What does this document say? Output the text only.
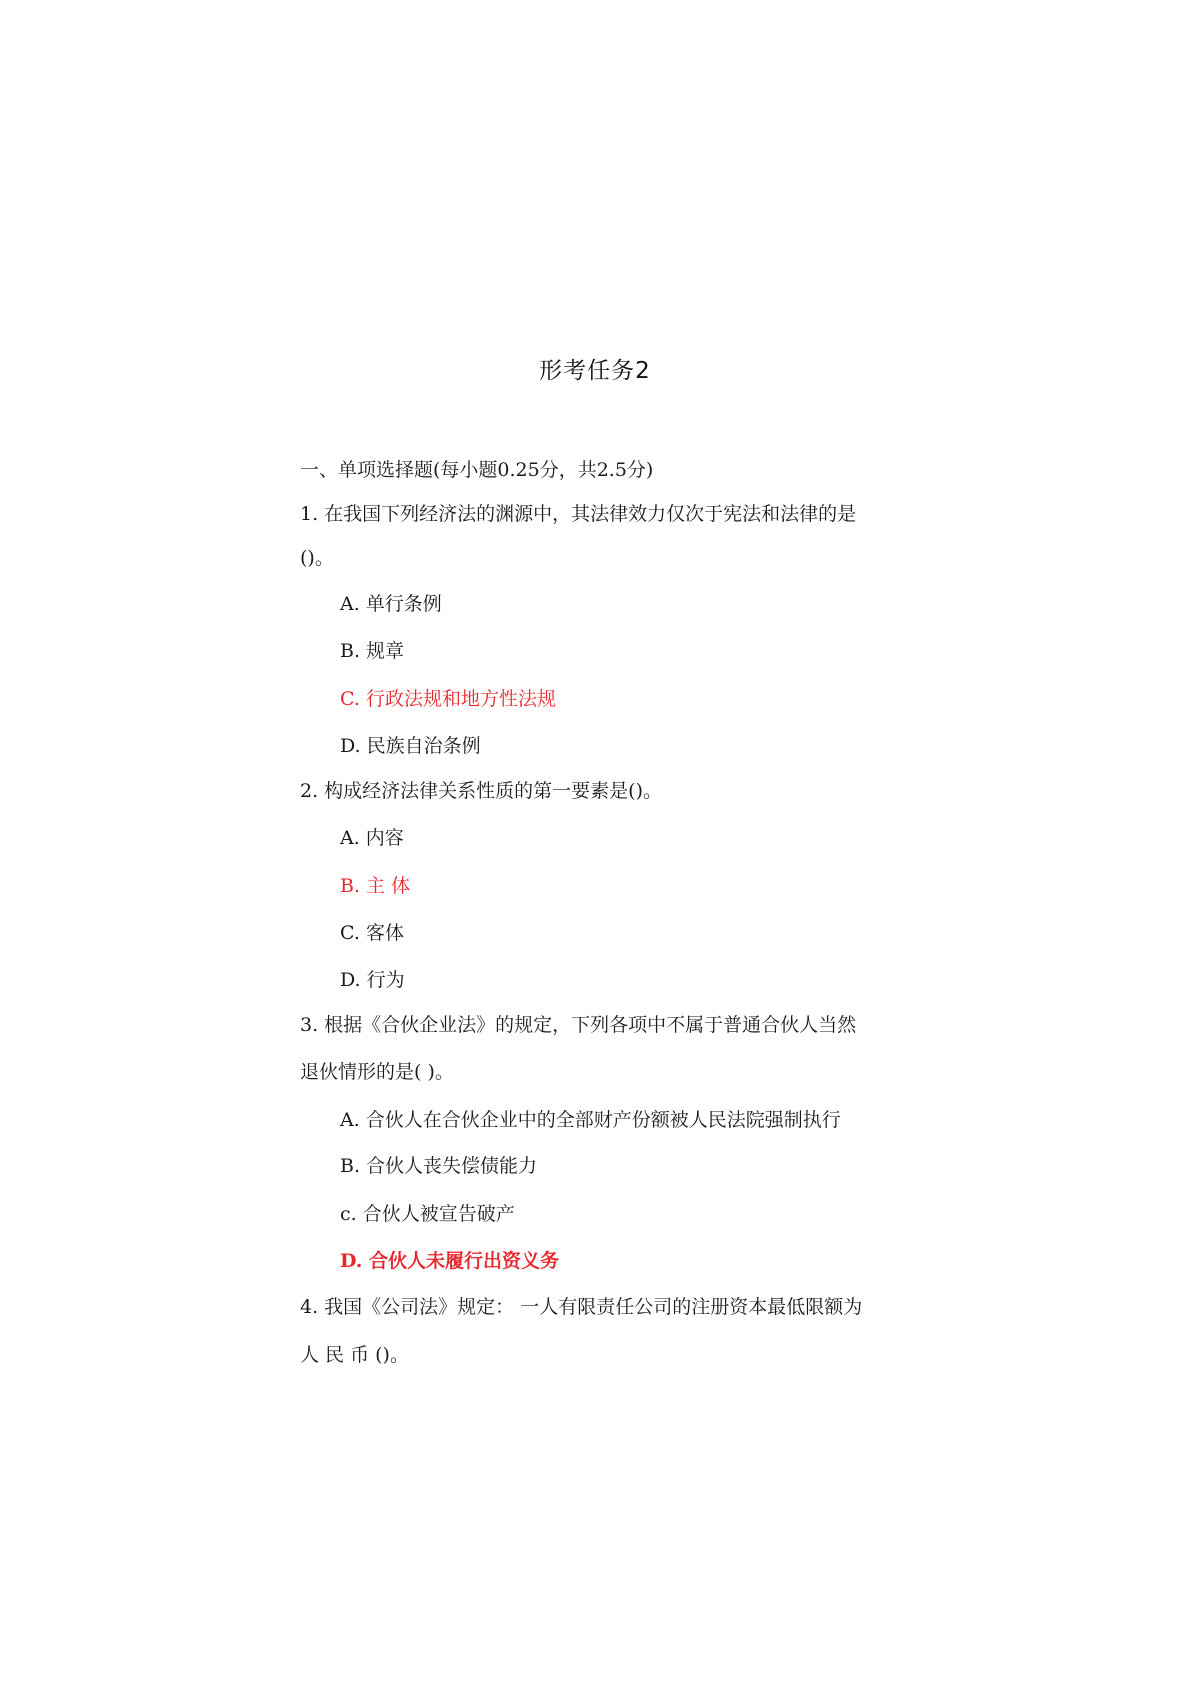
形考任务2
一、单项选择题(每小题0.25分，共2.5分)
1. 在我国下列经济法的渊源中，其法律效力仅次于宪法和法律的是
()。
A. 单行条例
B. 规章
C. 行政法规和地方性法规
D. 民族自治条例
2. 构成经济法律关系性质的第一要素是()。
A. 内容
B. 主 体
C. 客体
D. 行为
3. 根据《合伙企业法》的规定，下列各项中不属于普通合伙人当然
退伙情形的是( )。
A. 合伙人在合伙企业中的全部财产份额被人民法院强制执行
B. 合伙人丧失偿债能力
c. 合伙人被宣告破产
D. 合伙人未履行出资义务
4. 我国《公司法》规定： 一人有限责任公司的注册资本最低限额为
人 民 币 ()。
